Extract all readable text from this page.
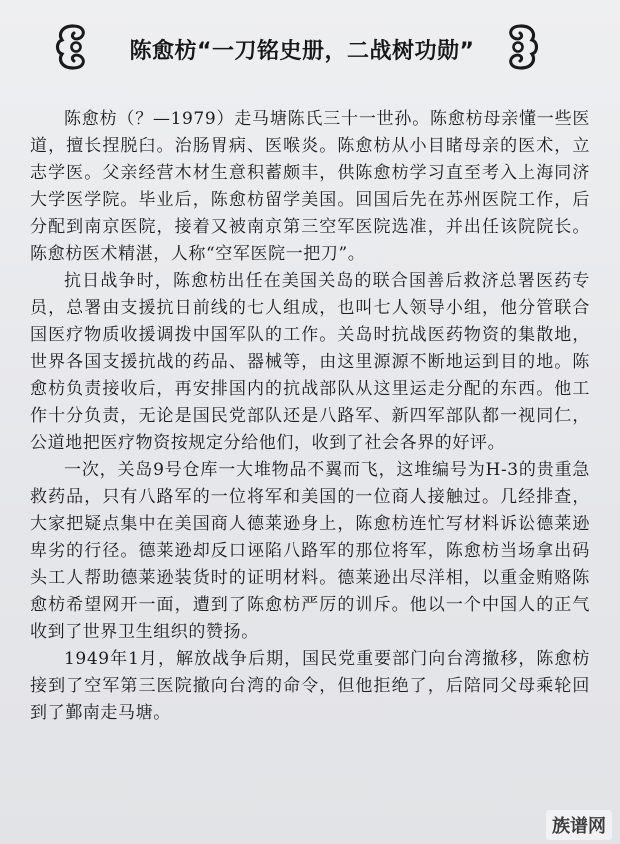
陈愈枋“一刀铭史册，二战树功勋”

陈愈枋（？—1979）走马塘陈氏三十一世孙。陈愈枋母亲懂一些医道，擅长捏脱臼。治肠胃病、医喉炎。陈愈枋从小目睹母亲的医术，立志学医。父亲经营木材生意积蓄颇丰，供陈愈枋学习直至考入上海同济大学医学院。毕业后，陈愈枋留学美国。回国后先在苏州医院工作，后分配到南京医院，接着又被南京第三空军医院选准，并出任该院院长。陈愈枋医术精湛，人称“空军医院一把刀”。

抗日战争时，陈愈枋出任在美国关岛的联合国善后救济总署医药专员，总署由支援抗日前线的七人组成，也叫七人领导小组，他分管联合国医疗物质收援调拨中国军队的工作。关岛时抗战医药物资的集散地，世界各国支援抗战的药品、器械等，由这里源源不断地运到目的地。陈愈枋负责接收后，再安排国内的抗战部队从这里运走分配的东西。他工作十分负责，无论是国民党部队还是八路军、新四军部队都一视同仁，公道地把医疗物资按规定分给他们，收到了社会各界的好评。

一次，关岛9号仓库一大堆物品不翼而飞，这堆编号为H-3的贵重急救药品，只有八路军的一位将军和美国的一位商人接触过。几经排查，大家把疑点集中在美国商人德莱逊身上，陈愈枋连忙写材料诉讼德莱逊卑劣的行径。德莱逊却反口诬陷八路军的那位将军，陈愈枋当场拿出码头工人帮助德莱逊装货时的证明材料。德莱逊出尽洋相，以重金贿赂陈愈枋希望网开一面，遭到了陈愈枋严厉的训斥。他以一个中国人的正气收到了世界卫生组织的赞扬。

1949年1月，解放战争后期，国民党重要部门向台湾撤移，陈愈枋接到了空军第三医院撤向台湾的命令，但他拒绝了，后陪同父母乘轮回到了鄞南走马塘。

族谱网
